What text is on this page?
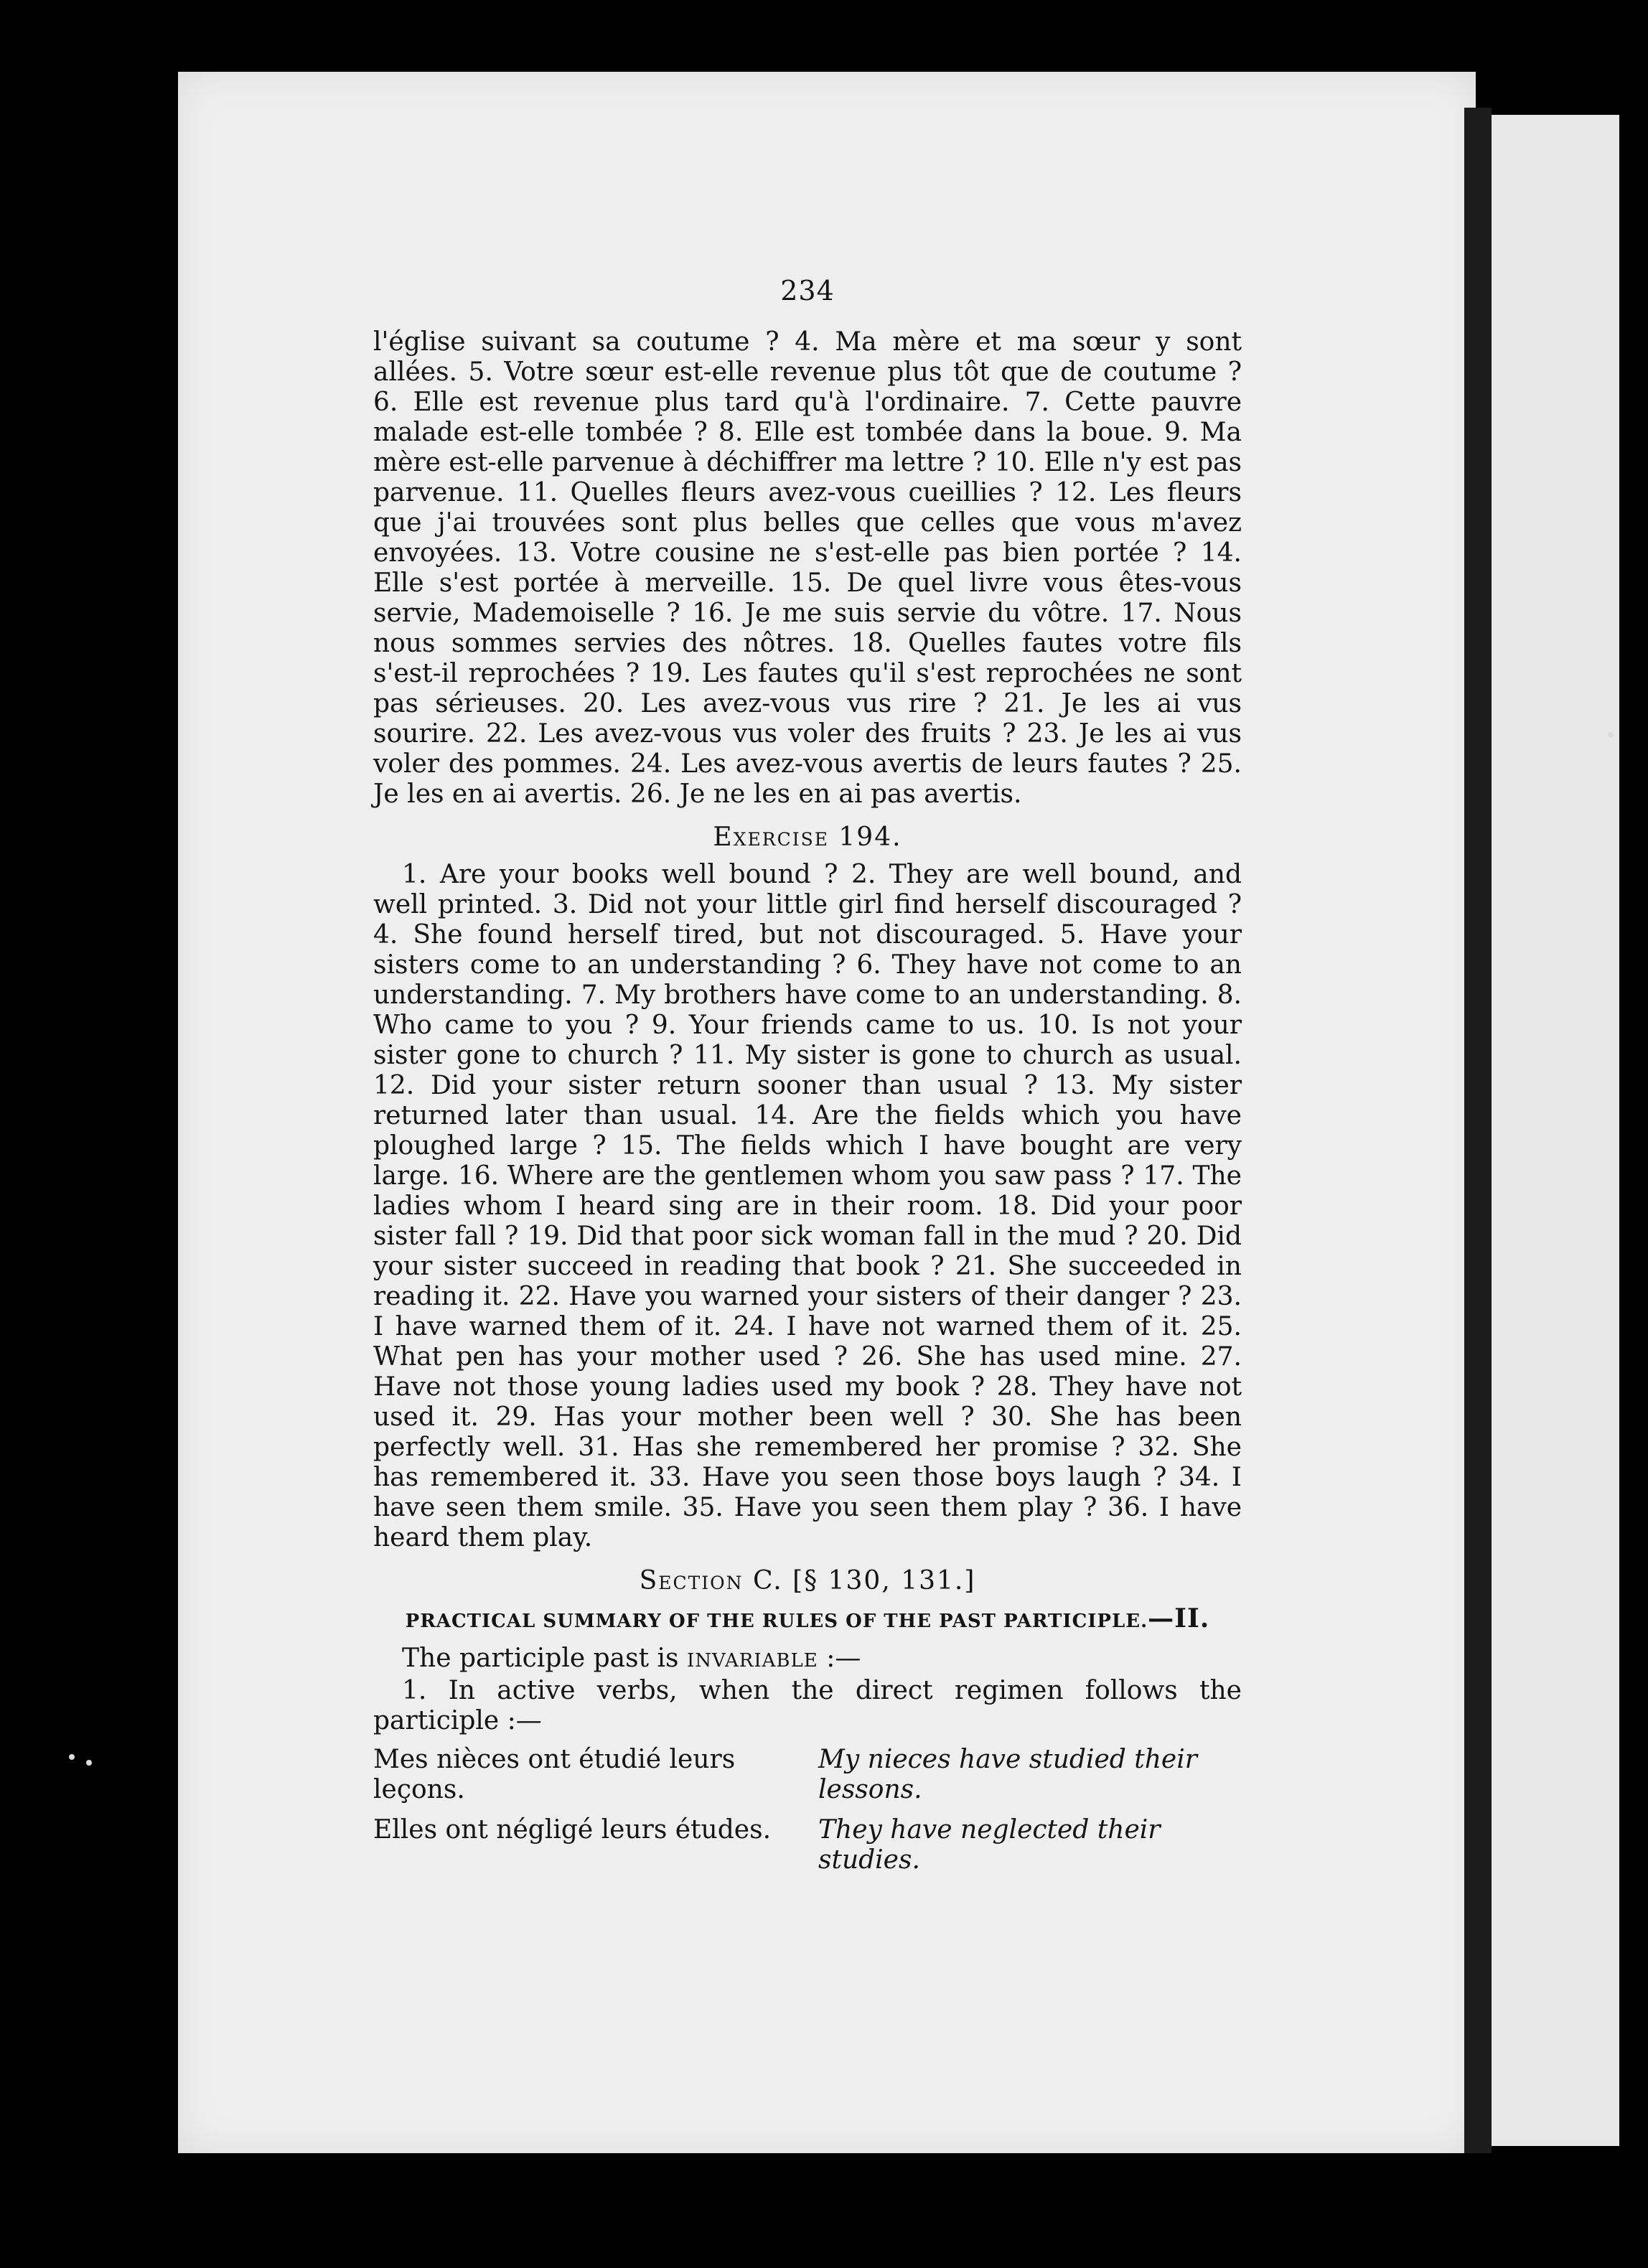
234

l'église suivant sa coutume ? 4. Ma mère et ma sœur y sont allées. 5. Votre sœur est-elle revenue plus tôt que de coutume ? 6. Elle est revenue plus tard qu'à l'ordinaire. 7. Cette pauvre malade est-elle tombée ? 8. Elle est tombée dans la boue. 9. Ma mère est-elle parvenue à déchiffrer ma lettre ? 10. Elle n'y est pas parvenue. 11. Quelles fleurs avez-vous cueillies ? 12. Les fleurs que j'ai trouvées sont plus belles que celles que vous m'avez envoyées. 13. Votre cousine ne s'est-elle pas bien portée ? 14. Elle s'est portée à merveille. 15. De quel livre vous êtes-vous servie, Mademoiselle ? 16. Je me suis servie du vôtre. 17. Nous nous sommes servies des nôtres. 18. Quelles fautes votre fils s'est-il reprochées ? 19. Les fautes qu'il s'est reprochées ne sont pas sérieuses. 20. Les avez-vous vus rire ? 21. Je les ai vus sourire. 22. Les avez-vous vus voler des fruits ? 23. Je les ai vus voler des pommes. 24. Les avez-vous avertis de leurs fautes ? 25. Je les en ai avertis. 26. Je ne les en ai pas avertis.

Exercise 194.

1. Are your books well bound ? 2. They are well bound, and well printed. 3. Did not your little girl find herself discouraged ? 4. She found herself tired, but not discouraged. 5. Have your sisters come to an understanding ? 6. They have not come to an understanding. 7. My brothers have come to an understanding. 8. Who came to you ? 9. Your friends came to us. 10. Is not your sister gone to church ? 11. My sister is gone to church as usual. 12. Did your sister return sooner than usual ? 13. My sister returned later than usual. 14. Are the fields which you have ploughed large ? 15. The fields which I have bought are very large. 16. Where are the gentlemen whom you saw pass ? 17. The ladies whom I heard sing are in their room. 18. Did your poor sister fall ? 19. Did that poor sick woman fall in the mud ? 20. Did your sister succeed in reading that book ? 21. She succeeded in reading it. 22. Have you warned your sisters of their danger ? 23. I have warned them of it. 24. I have not warned them of it. 25. What pen has your mother used ? 26. She has used mine. 27. Have not those young ladies used my book ? 28. They have not used it. 29. Has your mother been well ? 30. She has been perfectly well. 31. Has she remembered her promise ? 32. She has remembered it. 33. Have you seen those boys laugh ? 34. I have seen them smile. 35. Have you seen them play ? 36. I have heard them play.

Section C. [§ 130, 131.]
PRACTICAL SUMMARY OF THE RULES OF THE PAST PARTICIPLE.—II.

The participle past is INVARIABLE :—

1. In active verbs, when the direct regimen follows the participle :—

Mes nièces ont étudié leurs leçons.
My nieces have studied their lessons.
Elles ont négligé leurs études.	They have neglected their studies.
